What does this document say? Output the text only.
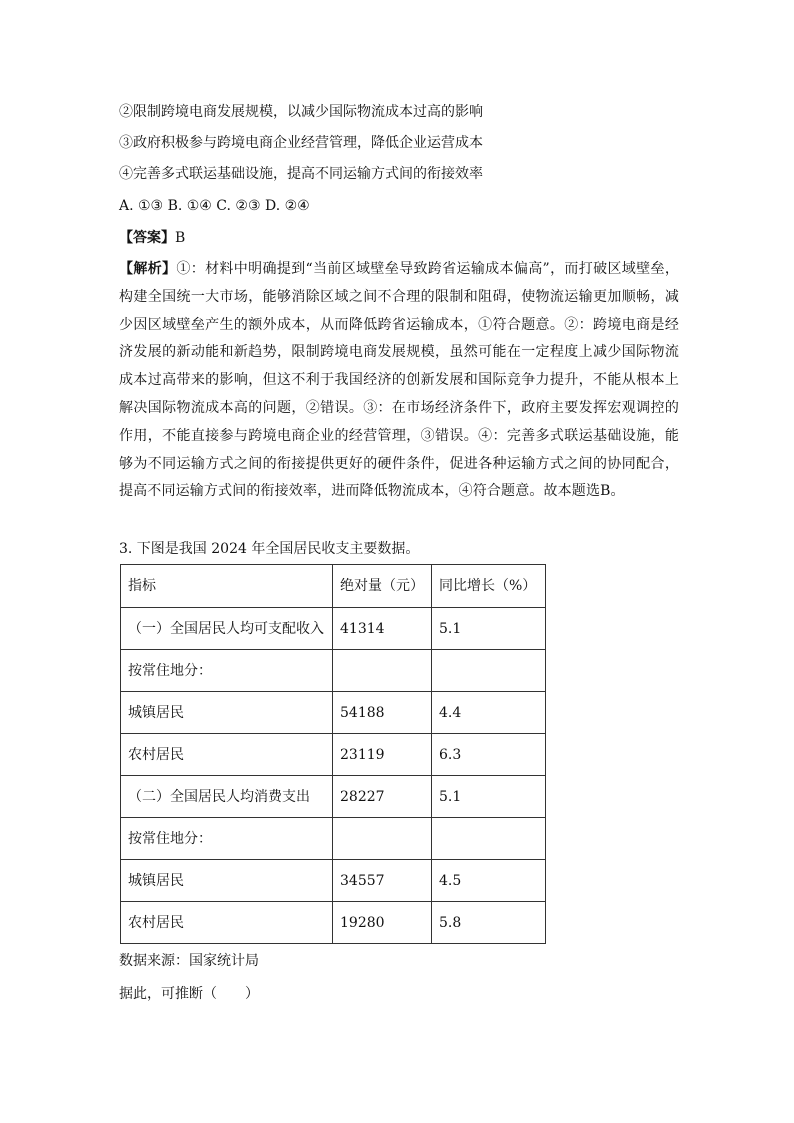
②限制跨境电商发展规模，以减少国际物流成本过高的影响
③政府积极参与跨境电商企业经营管理，降低企业运营成本
④完善多式联运基础设施，提高不同运输方式间的衔接效率
A. ①③ B. ①④ C. ②③ D. ②④
【答案】B
【解析】①：材料中明确提到“当前区域壁垒导致跨省运输成本偏高”，而打破区域壁垒，构建全国统一大市场，能够消除区域之间不合理的限制和阻碍，使物流运输更加顺畅，减少因区域壁垒产生的额外成本，从而降低跨省运输成本，①符合题意。②：跨境电商是经济发展的新动能和新趋势，限制跨境电商发展规模，虽然可能在一定程度上减少国际物流成本过高带来的影响，但这不利于我国经济的创新发展和国际竞争力提升，不能从根本上解决国际物流成本高的问题，②错误。③：在市场经济条件下，政府主要发挥宏观调控的作用，不能直接参与跨境电商企业的经营管理，③错误。④：完善多式联运基础设施，能够为不同运输方式之间的衔接提供更好的硬件条件，促进各种运输方式之间的协同配合，提高不同运输方式间的衔接效率，进而降低物流成本，④符合题意。故本题选B。
3. 下图是我国 2024 年全国居民收支主要数据。
指标	绝对量（元）	同比增长（%）
（一）全国居民人均可支配收入	41314	5.1
按常住地分：		
城镇居民	54188	4.4
农村居民	23119	6.3
（二）全国居民人均消费支出	28227	5.1
按常住地分：		
城镇居民	34557	4.5
农村居民	19280	5.8
数据来源：国家统计局
据此，可推断（　　）
